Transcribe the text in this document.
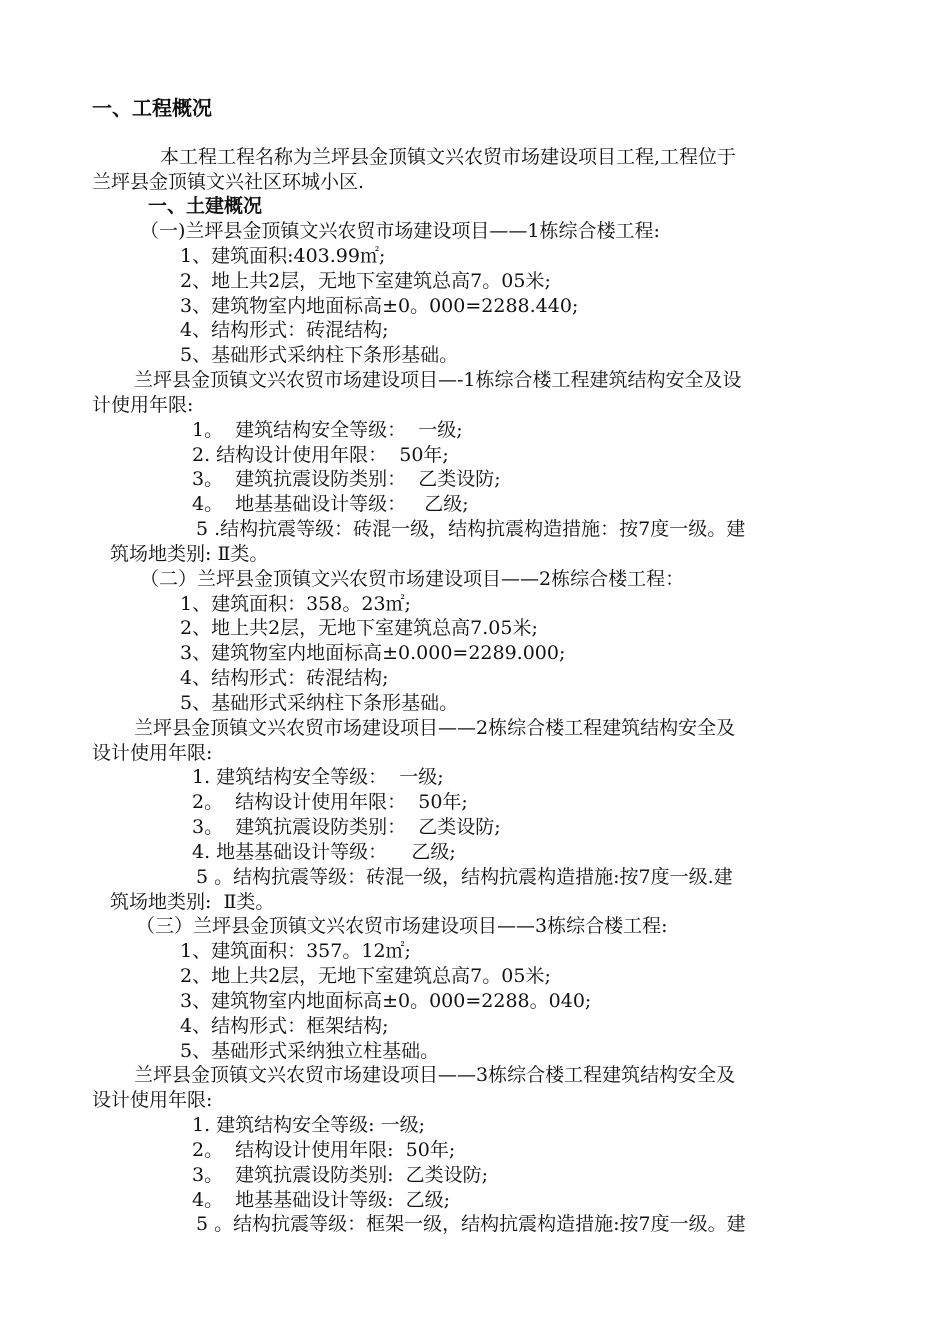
一、工程概况
本工程工程名称为兰坪县金顶镇文兴农贸市场建设项目工程,工程位于
兰坪县金顶镇文兴社区环城小区.
一、土建概况
（一)兰坪县金顶镇文兴农贸市场建设项目——1栋综合楼工程:
1、建筑面积:403.99㎡;
2、地上共2层，无地下室建筑总高7。05米;
3、建筑物室内地面标高±0。000=2288.440;
4、结构形式：砖混结构;
5、基础形式采纳柱下条形基础。
兰坪县金顶镇文兴农贸市场建设项目—-1栋综合楼工程建筑结构安全及设
计使用年限:
1。  建筑结构安全等级：  一级;
2. 结构设计使用年限：  50年;
3。  建筑抗震设防类别：  乙类设防;
4。  地基基础设计等级：   乙级;
5 .结构抗震等级：砖混一级，结构抗震构造措施：按7度一级。建
筑场地类别: Ⅱ类。
（二）兰坪县金顶镇文兴农贸市场建设项目——2栋综合楼工程：
1、建筑面积：358。23㎡;
2、地上共2层，无地下室建筑总高7.05米;
3、建筑物室内地面标高±0.000=2289.000;
4、结构形式：砖混结构;
5、基础形式采纳柱下条形基础。
兰坪县金顶镇文兴农贸市场建设项目——2栋综合楼工程建筑结构安全及
设计使用年限:
1. 建筑结构安全等级：  一级;
2。  结构设计使用年限：  50年;
3。  建筑抗震设防类别：  乙类设防;
4. 地基基础设计等级：    乙级;
5 。结构抗震等级：砖混一级，结构抗震构造措施:按7度一级.建
筑场地类别:  Ⅱ类。
（三）兰坪县金顶镇文兴农贸市场建设项目——3栋综合楼工程:
1、建筑面积：357。12㎡;
2、地上共2层，无地下室建筑总高7。05米;
3、建筑物室内地面标高±0。000=2288。040;
4、结构形式：框架结构;
5、基础形式采纳独立柱基础。
兰坪县金顶镇文兴农贸市场建设项目——3栋综合楼工程建筑结构安全及
设计使用年限:
1. 建筑结构安全等级: 一级;
2。  结构设计使用年限:  50年;
3。  建筑抗震设防类别:  乙类设防;
4。  地基基础设计等级:  乙级;
5 。结构抗震等级：框架一级，结构抗震构造措施:按7度一级。建
